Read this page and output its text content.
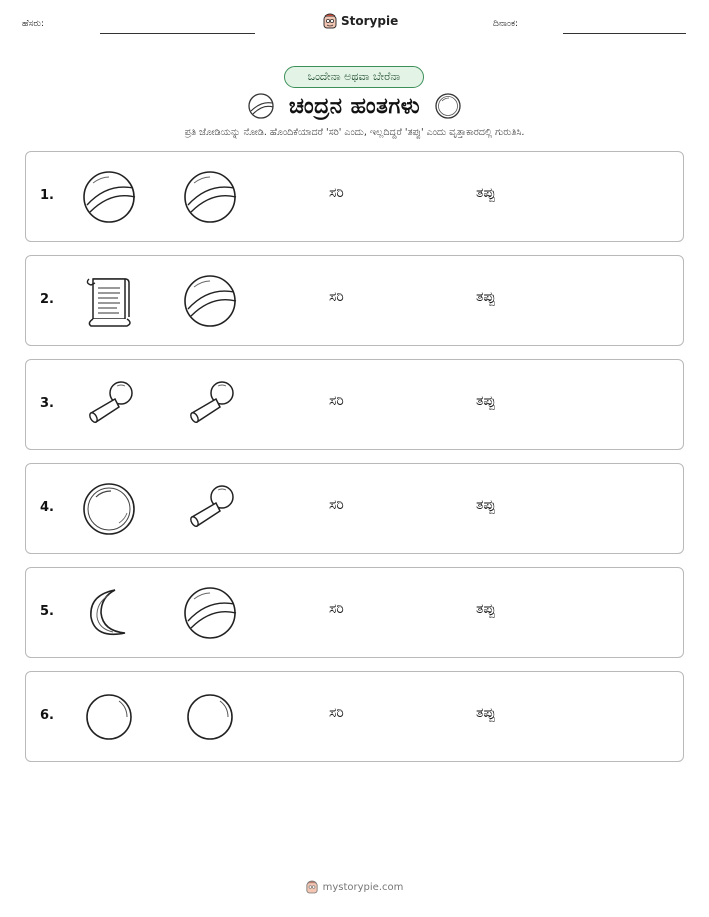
ಹೆಸರು:	Storypie	ದಿನಾಂಕ:
ಒಂದೇನಾ ಅಥವಾ ಬೇರೆನಾ
ಚಂದ್ರನ ಹಂತಗಳು
ಪ್ರತಿ ಜೋಡಿಯನ್ನು ನೋಡಿ. ಹೊಂದಿಕೆಯಾದರೆ 'ಸರಿ' ಎಂದು, ಇಲ್ಲದಿದ್ದರೆ 'ತಪ್ಪು' ಎಂದು ವೃತ್ತಾಕಾರದಲ್ಲಿ ಗುರುತಿಸಿ.
1.	ಸರಿ	ತಪ್ಪು
2.	ಸರಿ	ತಪ್ಪು
3.	ಸರಿ	ತಪ್ಪು
4.	ಸರಿ	ತಪ್ಪು
5.	ಸರಿ	ತಪ್ಪು
6.	ಸರಿ	ತಪ್ಪು
mystorypie.com
